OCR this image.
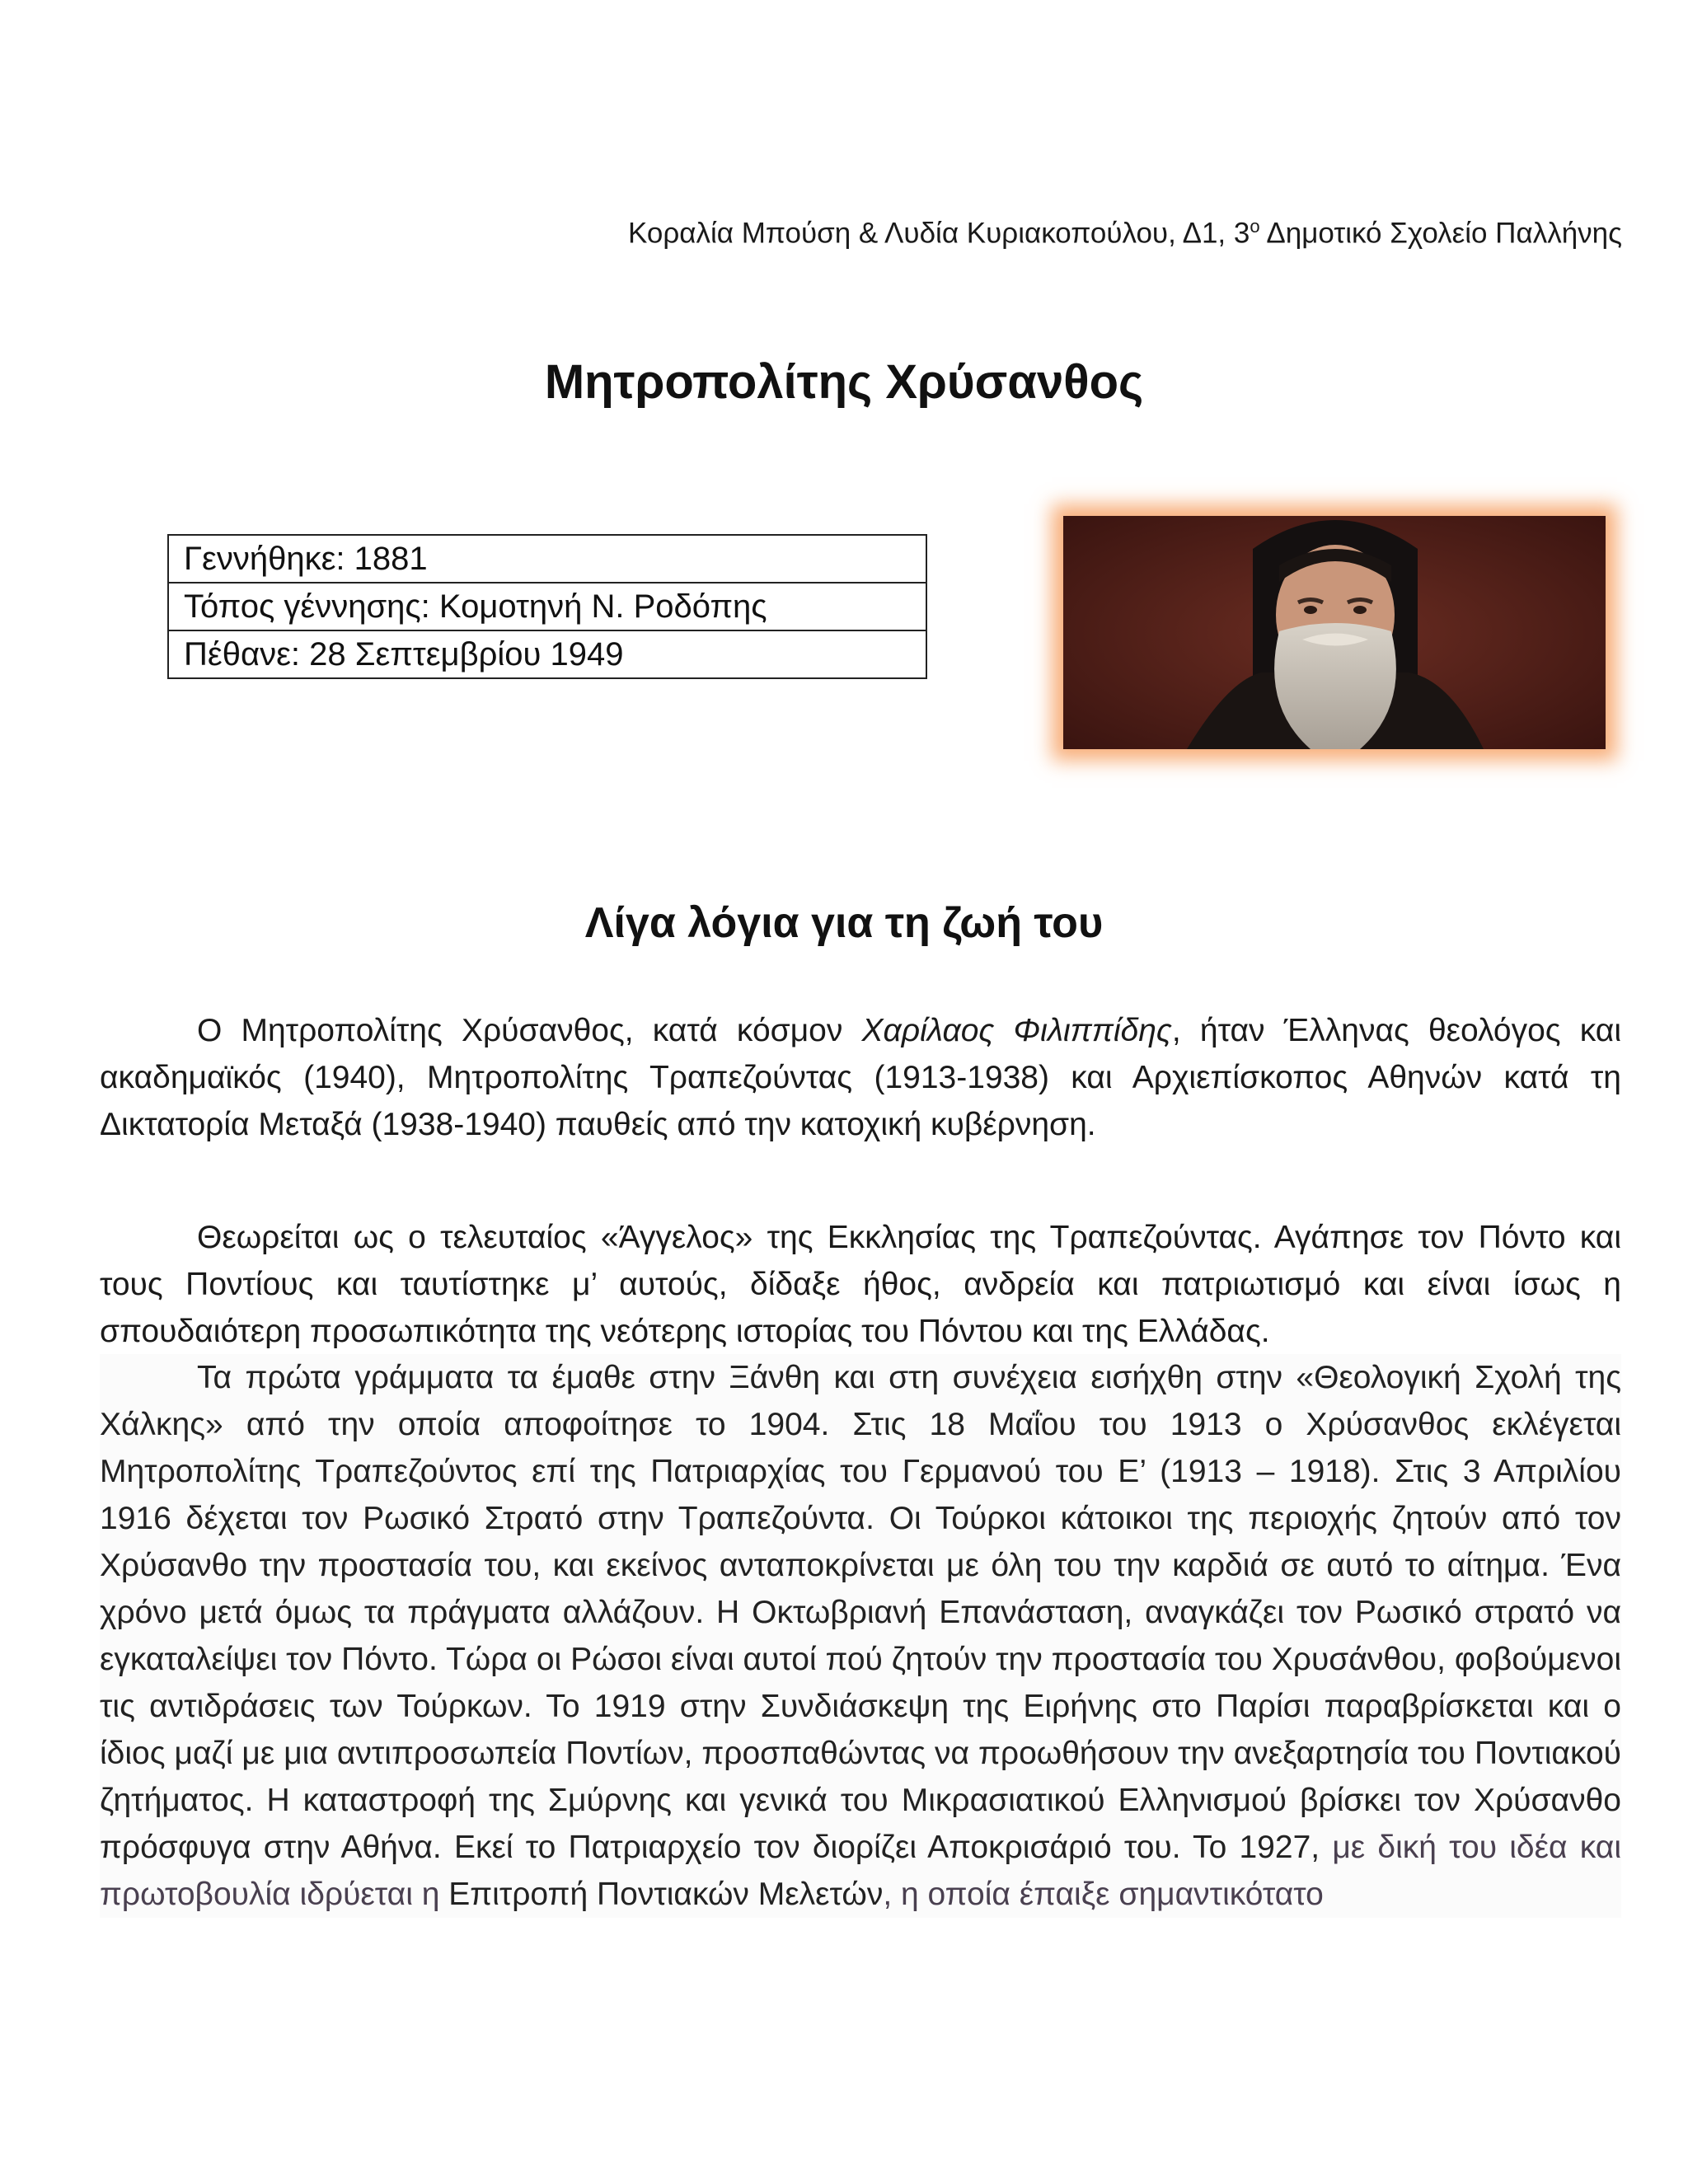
Κοραλία Μπούση & Λυδία Κυριακοπούλου, Δ1, $3^o$ Δημοτικό Σχολείο Παλλήνης
Μητροπολίτης Χρύσανθος
Γεννήθηκε: 1881
Τόπος γέννησης: Κομοτηνή Ν. Ροδόπης
Πέθανε: 28 Σεπτεμβρίου 1949
Λίγα λόγια για τη ζωή του

Ο Μητροπολίτης Χρύσανθος, κατά κόσμον Χαρίλαος Φιλιππίδης, ήταν Έλληνας θεολόγος και ακαδημαϊκός (1940), Μητροπολίτης Τραπεζούντας (1913-1938) και Αρχιεπίσκοπος Αθηνών κατά τη Δικτατορία Μεταξά (1938-1940) παυθείς από την κατοχική κυβέρνηση.

Θεωρείται ως ο τελευταίος «Άγγελος» της Εκκλησίας της Τραπεζούντας. Αγάπησε τον Πόντο και τους Ποντίους και ταυτίστηκε μ’ αυτούς, δίδαξε ήθος, ανδρεία και πατριωτισμό και είναι ίσως η σπουδαιότερη προσωπικότητα της νεότερης ιστορίας του Πόντου και της Ελλάδας.

Τα πρώτα γράμματα τα έμαθε στην Ξάνθη και στη συνέχεια εισήχθη στην «Θεολογική Σχολή της Χάλκης» από την οποία αποφοίτησε το 1904. Στις 18 Μαΐου του 1913 ο Χρύσανθος εκλέγεται Μητροπολίτης Τραπεζούντος επί της Πατριαρχίας του Γερμανού του Ε’ (1913 – 1918). Στις 3 Απριλίου 1916 δέχεται τον Ρωσικό Στρατό στην Τραπεζούντα. Οι Τούρκοι κάτοικοι της περιοχής ζητούν από τον Χρύσανθο την προστασία του, και εκείνος ανταποκρίνεται με όλη του την καρδιά σε αυτό το αίτημα. Ένα χρόνο μετά όμως τα πράγματα αλλάζουν. Η Οκτωβριανή Επανάσταση, αναγκάζει τον Ρωσικό στρατό να εγκαταλείψει τον Πόντο. Τώρα οι Ρώσοι είναι αυτοί πού ζητούν την προστασία του Χρυσάνθου, φοβούμενοι τις αντιδράσεις των Τούρκων. Το 1919 στην Συνδιάσκεψη της Ειρήνης στο Παρίσι παραβρίσκεται και ο ίδιος μαζί με μια αντιπροσωπεία Ποντίων, προσπαθώντας να προωθήσουν την ανεξαρτησία του Ποντιακού ζητήματος. Η καταστροφή της Σμύρνης και γενικά του Μικρασιατικού Ελληνισμού βρίσκει τον Χρύσανθο πρόσφυγα στην Αθήνα. Εκεί το Πατριαρχείο τον διορίζει Αποκρισάριό του. Το 1927, με δική του ιδέα και πρωτοβουλία ιδρύεται η Επιτροπή Ποντιακών Μελετών, η οποία έπαιξε σημαντικότατο
